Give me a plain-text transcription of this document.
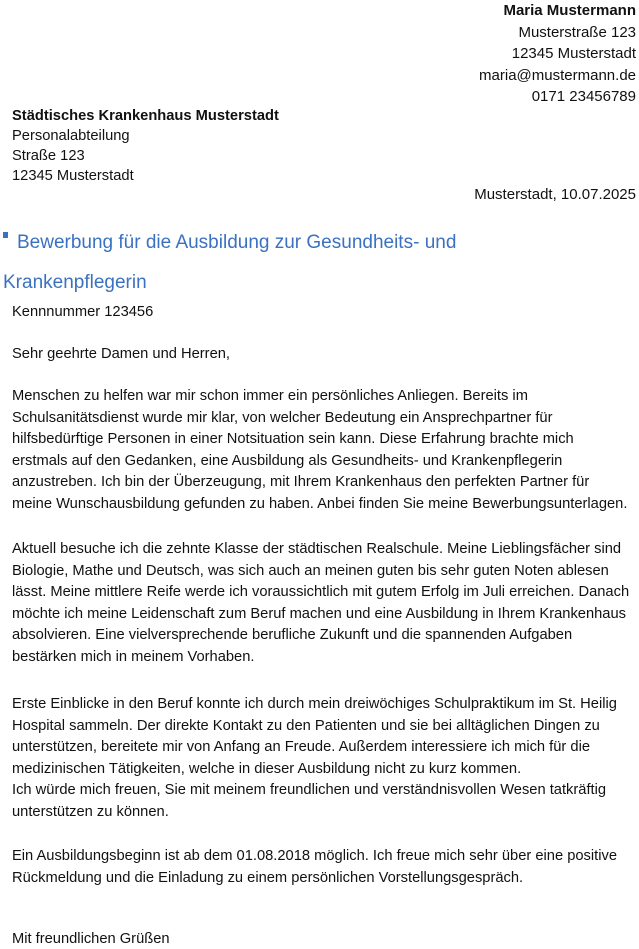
Maria Mustermann
Musterstraße 123
12345 Musterstadt
maria@mustermann.de
0171 23456789
Städtisches Krankenhaus Musterstadt
Personalabteilung
Straße 123
12345 Musterstadt
Musterstadt, 10.07.2025
Bewerbung für die Ausbildung zur Gesundheits- und
Krankenpflegerin
Kennnummer 123456
Sehr geehrte Damen und Herren,
Menschen zu helfen war mir schon immer ein persönliches Anliegen. Bereits im
Schulsanitätsdienst wurde mir klar, von welcher Bedeutung ein Ansprechpartner für
hilfsbedürftige Personen in einer Notsituation sein kann. Diese Erfahrung brachte mich
erstmals auf den Gedanken, eine Ausbildung als Gesundheits- und Krankenpflegerin
anzustreben. Ich bin der Überzeugung, mit Ihrem Krankenhaus den perfekten Partner für
meine Wunschausbildung gefunden zu haben. Anbei finden Sie meine Bewerbungsunterlagen.
Aktuell besuche ich die zehnte Klasse der städtischen Realschule. Meine Lieblingsfächer sind
Biologie, Mathe und Deutsch, was sich auch an meinen guten bis sehr guten Noten ablesen
lässt. Meine mittlere Reife werde ich voraussichtlich mit gutem Erfolg im Juli erreichen. Danach
möchte ich meine Leidenschaft zum Beruf machen und eine Ausbildung in Ihrem Krankenhaus
absolvieren. Eine vielversprechende berufliche Zukunft und die spannenden Aufgaben
bestärken mich in meinem Vorhaben.
Erste Einblicke in den Beruf konnte ich durch mein dreiwöchiges Schulpraktikum im St. Heilig
Hospital sammeln. Der direkte Kontakt zu den Patienten und sie bei alltäglichen Dingen zu
unterstützen, bereitete mir von Anfang an Freude. Außerdem interessiere ich mich für die
medizinischen Tätigkeiten, welche in dieser Ausbildung nicht zu kurz kommen.
Ich würde mich freuen, Sie mit meinem freundlichen und verständnisvollen Wesen tatkräftig
unterstützen zu können.
Ein Ausbildungsbeginn ist ab dem 01.08.2018 möglich. Ich freue mich sehr über eine positive
Rückmeldung und die Einladung zu einem persönlichen Vorstellungsgespräch.
Mit freundlichen Grüßen
